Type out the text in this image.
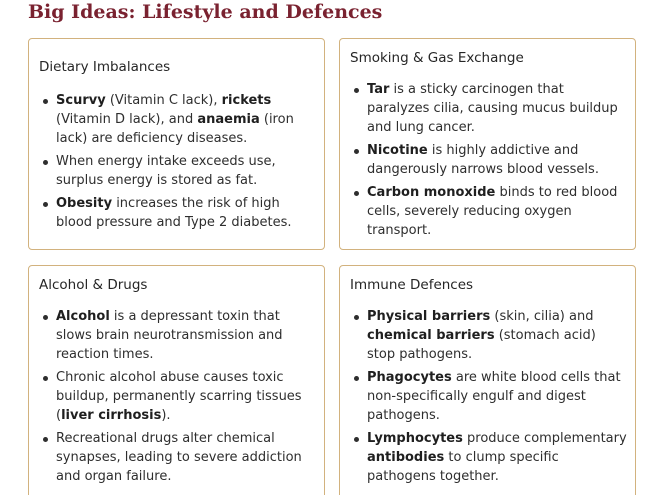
Big Ideas: Lifestyle and Defences
Dietary Imbalances
Scurvy (Vitamin C lack), rickets (Vitamin D lack), and anaemia (iron lack) are deficiency diseases.
When energy intake exceeds use, surplus energy is stored as fat.
Obesity increases the risk of high blood pressure and Type 2 diabetes.
Smoking & Gas Exchange
Tar is a sticky carcinogen that paralyzes cilia, causing mucus buildup and lung cancer.
Nicotine is highly addictive and dangerously narrows blood vessels.
Carbon monoxide binds to red blood cells, severely reducing oxygen transport.
Alcohol & Drugs
Alcohol is a depressant toxin that slows brain neurotransmission and reaction times.
Chronic alcohol abuse causes toxic buildup, permanently scarring tissues (liver cirrhosis).
Recreational drugs alter chemical synapses, leading to severe addiction and organ failure.
Immune Defences
Physical barriers (skin, cilia) and chemical barriers (stomach acid) stop pathogens.
Phagocytes are white blood cells that non-specifically engulf and digest pathogens.
Lymphocytes produce complementary antibodies to clump specific pathogens together.
